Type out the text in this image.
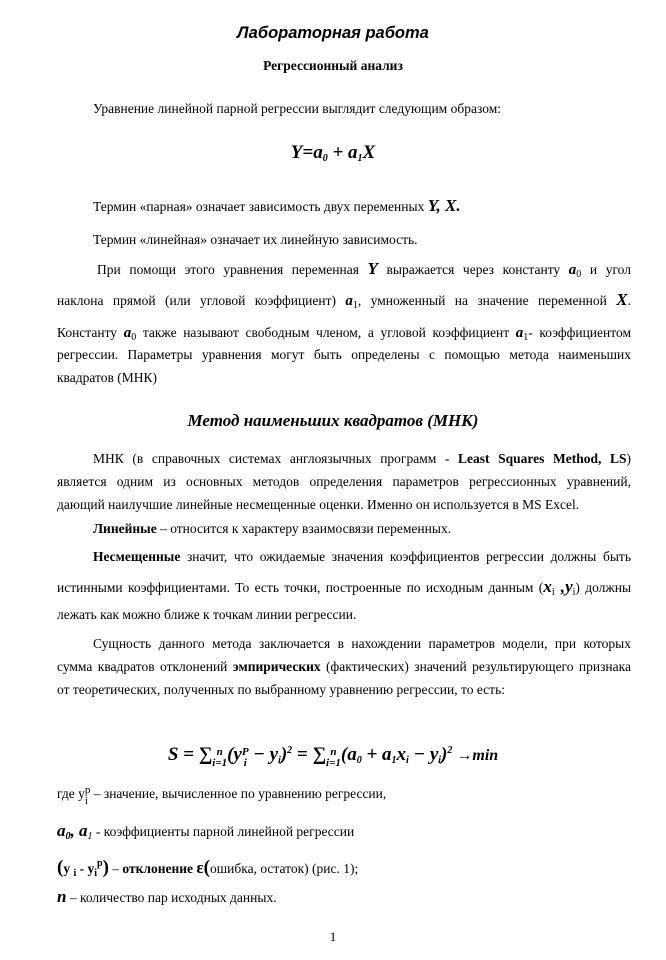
Лабораторная работа
Регрессионный анализ
Уравнение линейной парной регрессии выглядит следующим образом:
$Y=a_0 + a_1X$
Термин «парная» означает зависимость двух переменных Y, X.
Термин «линейная» означает их линейную зависимость.
При помощи этого уравнения переменная Y выражается через константу $a_0$ и угол
наклона прямой (или угловой коэффициент) $a_1$, умноженный на значение переменной X.
Константу $a_0$ также называют свободным членом, а угловой коэффициент $a_1-$ коэффициентом
регрессии. Параметры уравнения могут быть определены с помощью метода наименьших
квадратов (МНК)
Метод наименьших квадратов (МНК)
МНК (в справочных системах англоязычных программ - Least Squares Method, LS)
является одним из основных методов определения параметров регрессионных уравнений,
дающий наилучшие линейные несмещенные оценки. Именно он используется в MS Excel.
Линейные – относится к характеру взаимосвязи переменных.
Несмещенные значит, что ожидаемые значения коэффициентов регрессии должны быть
истинными коэффициентами. То есть точки, построенные по исходным данным ($x_i$ $,y_i$) должны
лежать как можно ближе к точкам линии регрессии.
Сущность данного метода заключается в нахождении параметров модели, при которых
сумма квадратов отклонений эмпирических (фактических) значений результирующего признака
от теоретических, полученных по выбранному уравнению регрессии, то есть:
S = ∑ n
i=1(yP
$i - y_i)^2$ = ∑ n
$i=1(a_0 + a_1x_i - y_i)^2 \to\min$
где yp
i – значение, вычисленное по уравнению регрессии,
$a_0$, $a_1$ - коэффициенты парной линейной регрессии
(y $_i - y_i^p$) – отклонение ε(ошибка, остаток) (рис. 1);
n – количество пар исходных данных.
1
